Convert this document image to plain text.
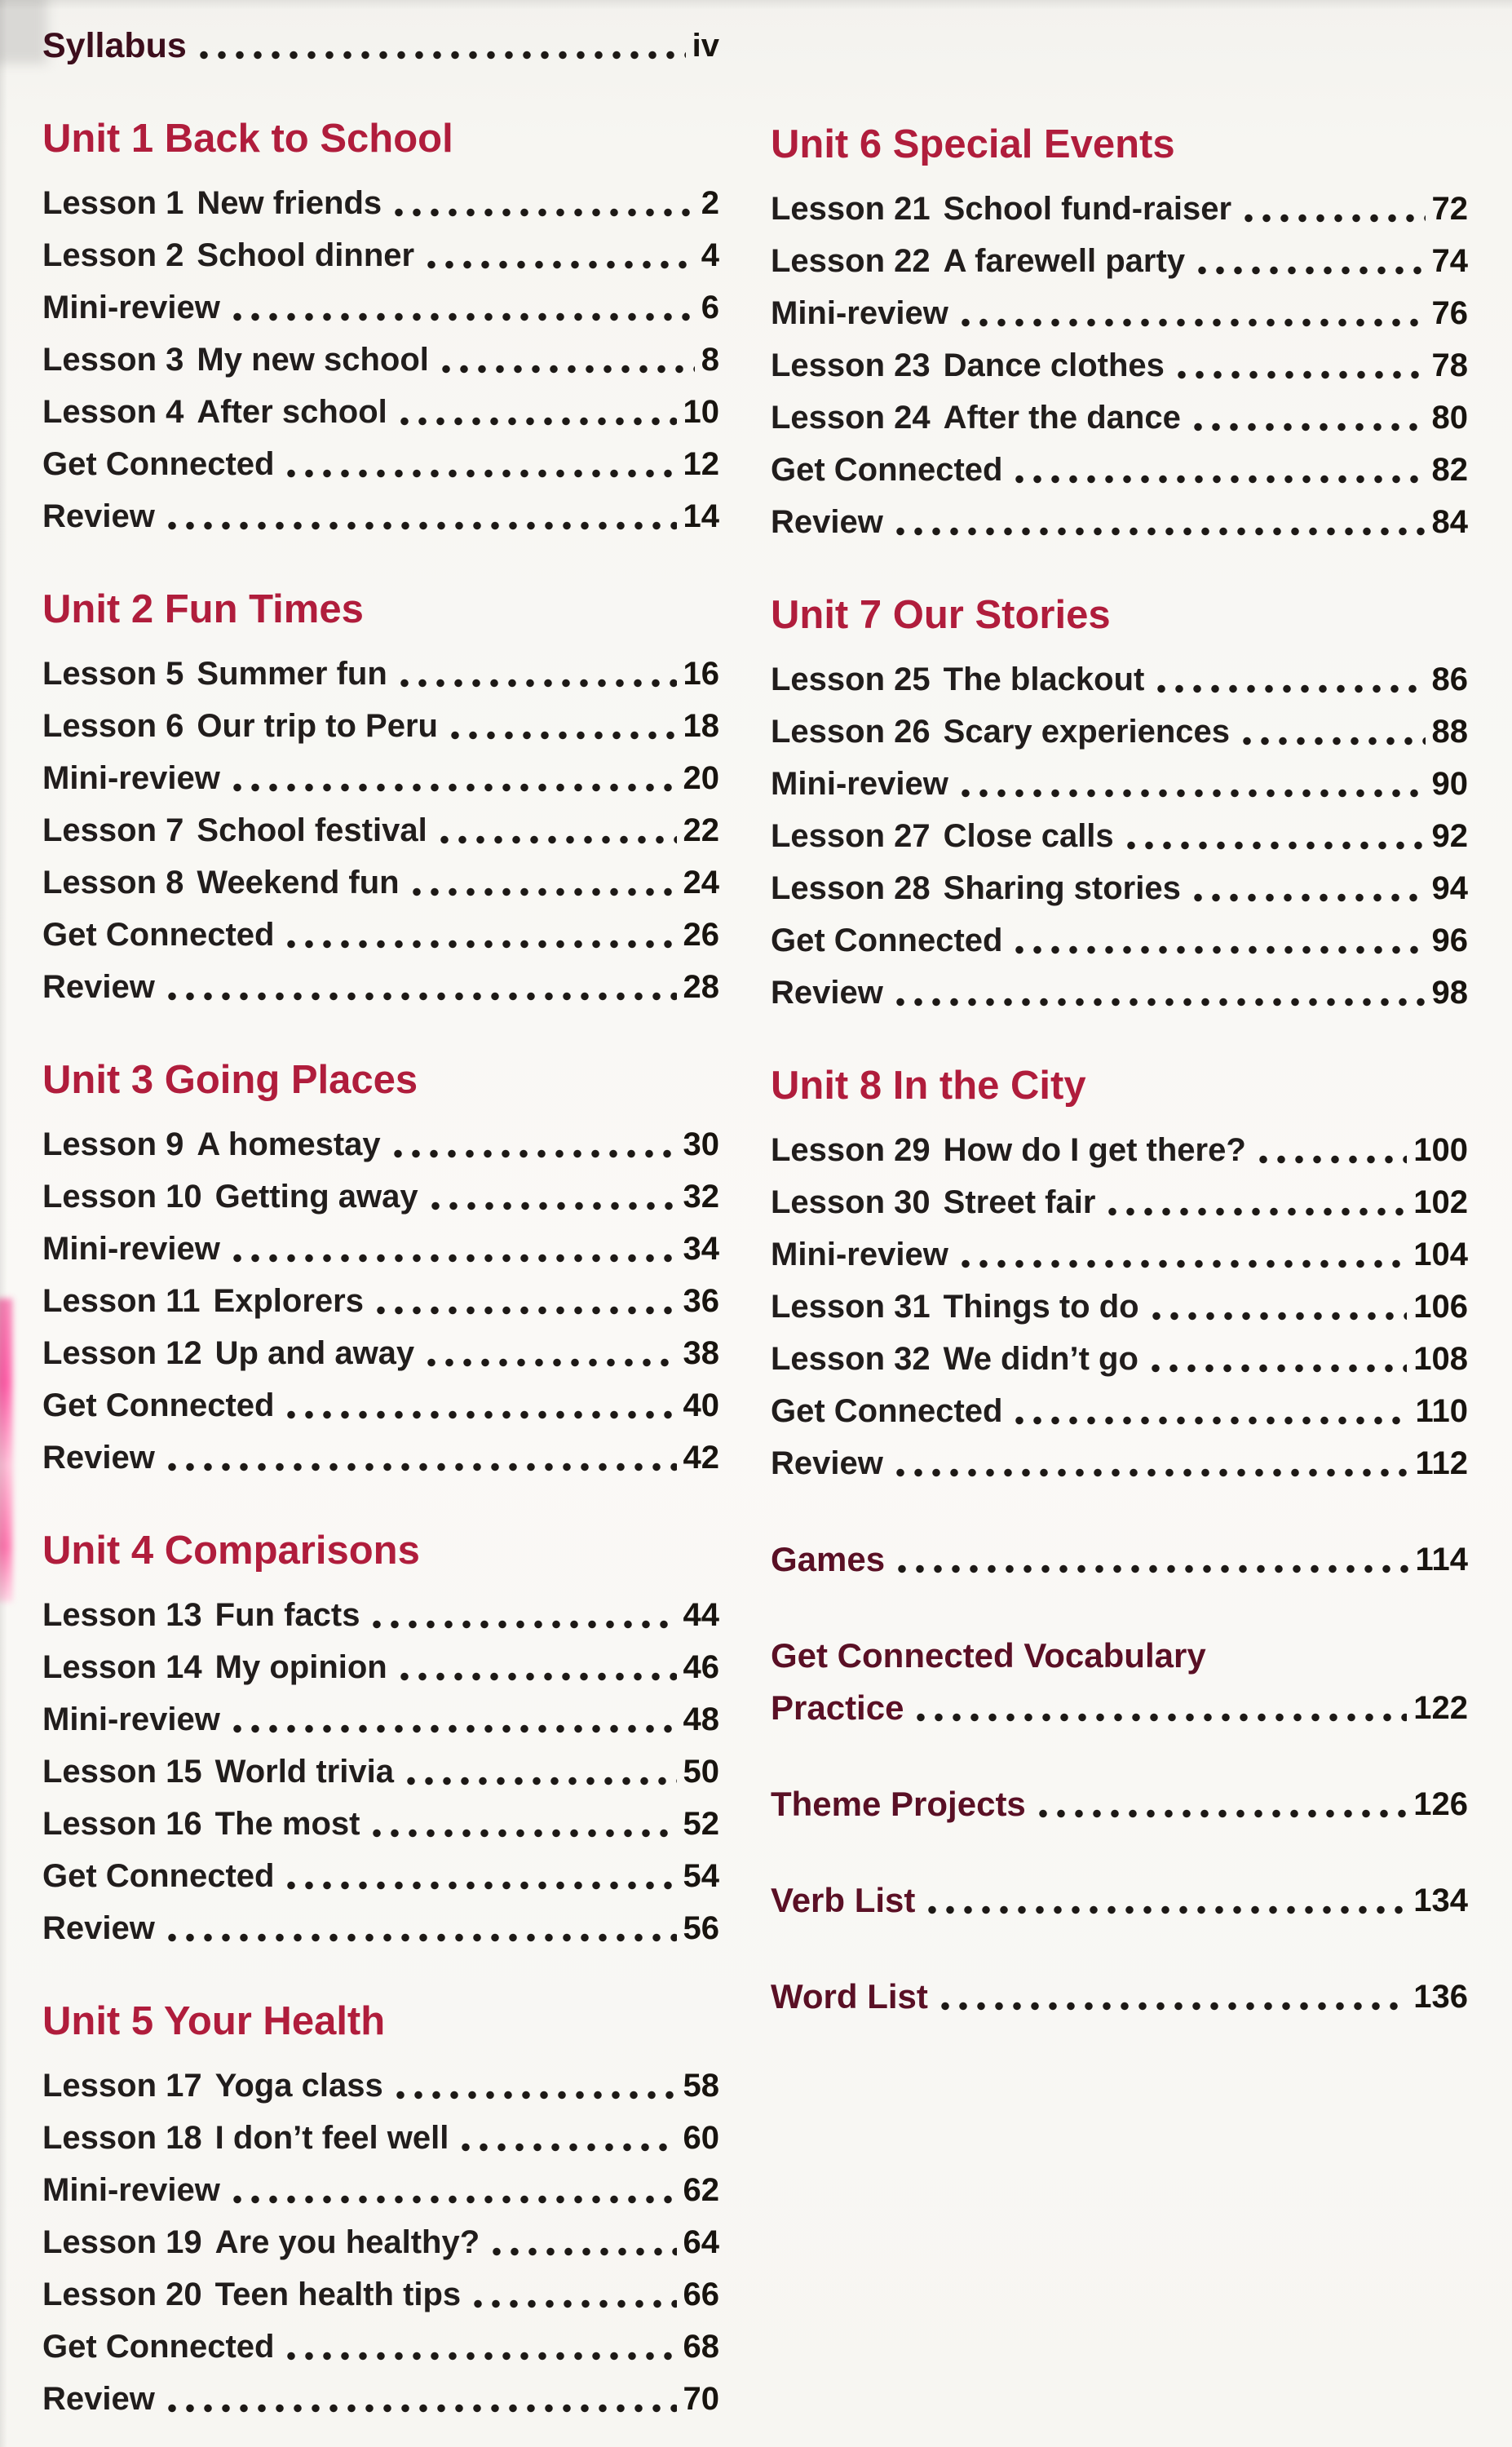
Syllabus	iv
Unit 1 Back to School
Lesson 1 New friends	2
Lesson 2 School dinner	4
Mini-review	6
Lesson 3 My new school	8
Lesson 4 After school	10
Get Connected	12
Review	14
Unit 2 Fun Times
Lesson 5 Summer fun	16
Lesson 6 Our trip to Peru	18
Mini-review	20
Lesson 7 School festival	22
Lesson 8 Weekend fun	24
Get Connected	26
Review	28
Unit 3 Going Places
Lesson 9 A homestay	30
Lesson 10 Getting away	32
Mini-review	34
Lesson 11 Explorers	36
Lesson 12 Up and away	38
Get Connected	40
Review	42
Unit 4 Comparisons
Lesson 13 Fun facts	44
Lesson 14 My opinion	46
Mini-review	48
Lesson 15 World trivia	50
Lesson 16 The most	52
Get Connected	54
Review	56
Unit 5 Your Health
Lesson 17 Yoga class	58
Lesson 18 I don’t feel well	60
Mini-review	62
Lesson 19 Are you healthy?	64
Lesson 20 Teen health tips	66
Get Connected	68
Review	70
Unit 6 Special Events
Lesson 21 School fund-raiser	72
Lesson 22 A farewell party	74
Mini-review	76
Lesson 23 Dance clothes	78
Lesson 24 After the dance	80
Get Connected	82
Review	84
Unit 7 Our Stories
Lesson 25 The blackout	86
Lesson 26 Scary experiences	88
Mini-review	90
Lesson 27 Close calls	92
Lesson 28 Sharing stories	94
Get Connected	96
Review	98
Unit 8 In the City
Lesson 29 How do I get there?	100
Lesson 30 Street fair	102
Mini-review	104
Lesson 31 Things to do	106
Lesson 32 We didn’t go	108
Get Connected	110
Review	112
Games	114
Get Connected Vocabulary
Practice	122
Theme Projects	126
Verb List	134
Word List	136
